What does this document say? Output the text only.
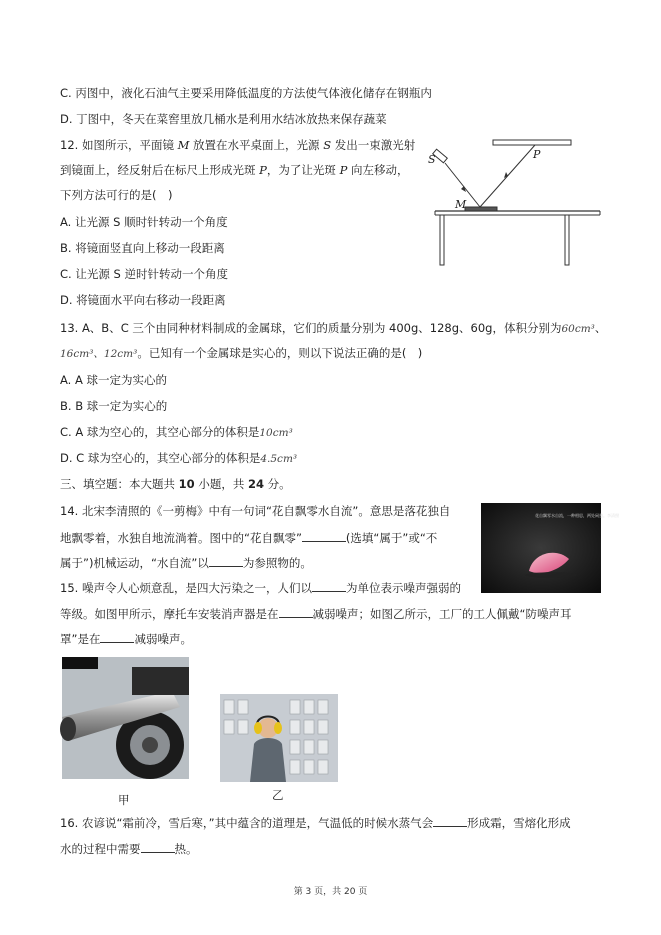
C. 丙图中，液化石油气主要采用降低温度的方法使气体液化储存在钢瓶内
D. 丁图中，冬天在菜窖里放几桶水是利用水结冰放热来保存蔬菜
12. 如图所示，平面镜 M 放置在水平桌面上，光源 S 发出一束激光射
到镜面上，经反射后在标尺上形成光斑 P，为了让光斑 P 向左移动，
下列方法可行的是(　)
A. 让光源 S 顺时针转动一个角度
B. 将镜面竖直向上移动一段距离
C. 让光源 S 逆时针转动一个角度
D. 将镜面水平向右移动一段距离
S	P
M
13. A、B、C 三个由同种材料制成的金属球，它们的质量分别为 400g、128g、60g，体积分别为60cm³、
16cm³、12cm³。已知有一个金属球是实心的，则以下说法正确的是(　)
A. A 球一定为实心的
B. B 球一定为实心的
C. A 球为空心的，其空心部分的体积是10cm³
D. C 球为空心的，其空心部分的体积是4.5cm³
三、填空题：本大题共 10 小题，共 24 分。
14. 北宋李清照的《一剪梅》中有一句词“花自飘零水自流”。意思是落花独自
地飘零着，水独自地流淌着。图中的“花自飘零”	(选填“属于”或“不
属于”)机械运动，“水自流”以	为参照物的。
花自飘零水自流，一种相思，两处闲愁。李清照
15. 噪声令人心烦意乱，是四大污染之一，人们以	为单位表示噪声强弱的
等级。如图甲所示，摩托车安装消声器是在	减弱噪声；如图乙所示，工厂的工人佩戴“防噪声耳
罩”是在	减弱噪声。
甲	乙
16. 农谚说“霜前冷，雪后寒，”其中蕴含的道理是，气温低的时候水蒸气会	形成霜，雪熔化形成
水的过程中需要	热。
第 3 页，共 20 页
